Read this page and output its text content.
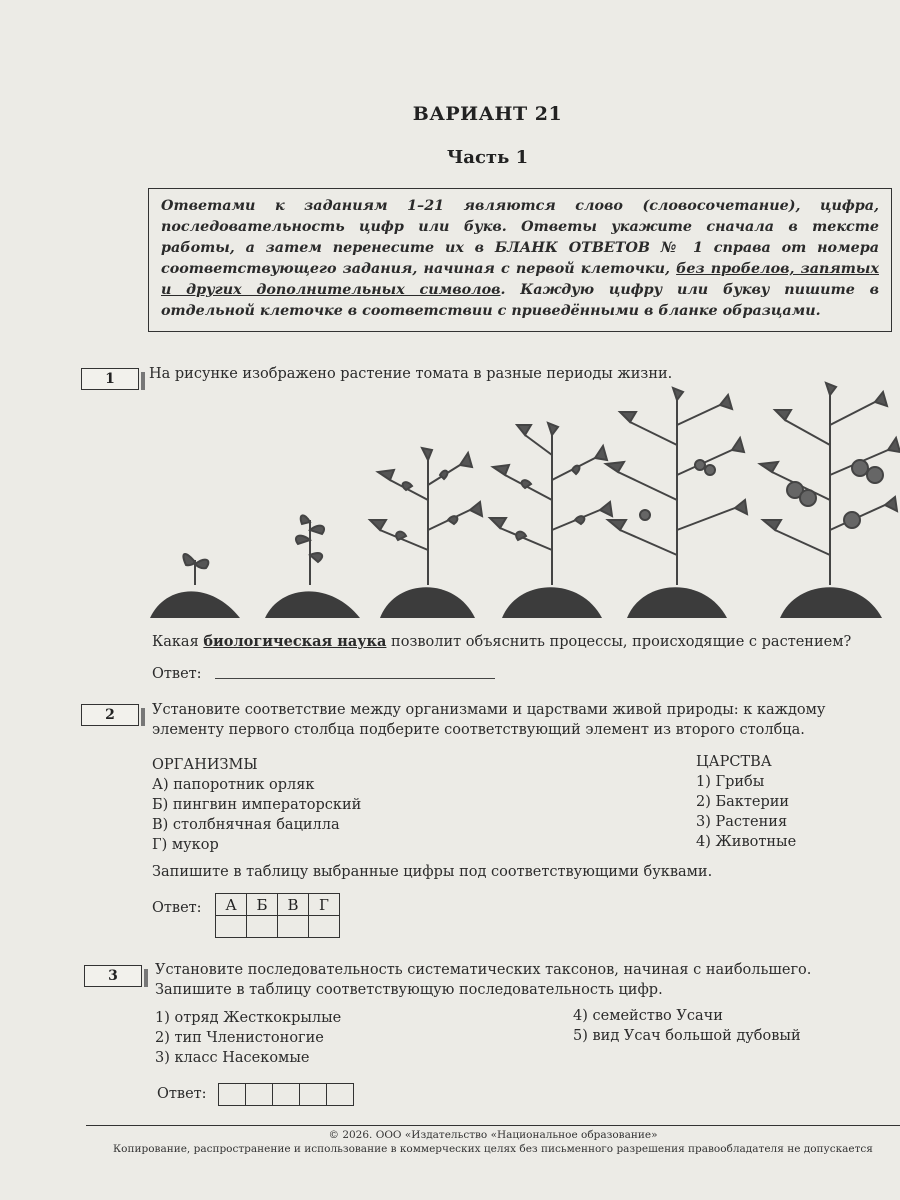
ВАРИАНТ 21
Часть 1
Ответами к заданиям 1–21 являются слово (словосочетание), цифра, последовательность цифр или букв. Ответы укажите сначала в тексте работы, а затем перенесите их в БЛАНК ОТВЕТОВ № 1 справа от номера соответствующего задания, начиная с первой клеточки, без пробелов, запятых и других дополнительных символов. Каждую цифру или букву пишите в отдельной клеточке в соответствии с приведёнными в бланке образцами.
1	На рисунке изображено растение томата в разные периоды жизни.
Какая биологическая наука позволит объяснить процессы, происходящие с растением?
Ответ:
2	Установите соответствие между организмами и царствами живой природы: к каждому
элементу первого столбца подберите соответствующий элемент из второго столбца.
ОРГАНИЗМЫ
А) папоротник орляк
Б) пингвин императорский
В) столбнячная бацилла
Г) мукор
ЦАРСТВА
1) Грибы
2) Бактерии
3) Растения
4) Животные
Запишите в таблицу выбранные цифры под соответствующими буквами.
Ответ: А	Б	В	Г

3	Установите последовательность систематических таксонов, начиная с наибольшего.
Запишите в таблицу соответствующую последовательность цифр.
1) отряд Жесткокрылые
2) тип Членистоногие
3) класс Насекомые
4) семейство Усачи
5) вид Усач большой дубовый
Ответ:

© 2026. ООО «Издательство «Национальное образование»
Копирование, распространение и использование в коммерческих целях без письменного разрешения правообладателя не допускается
